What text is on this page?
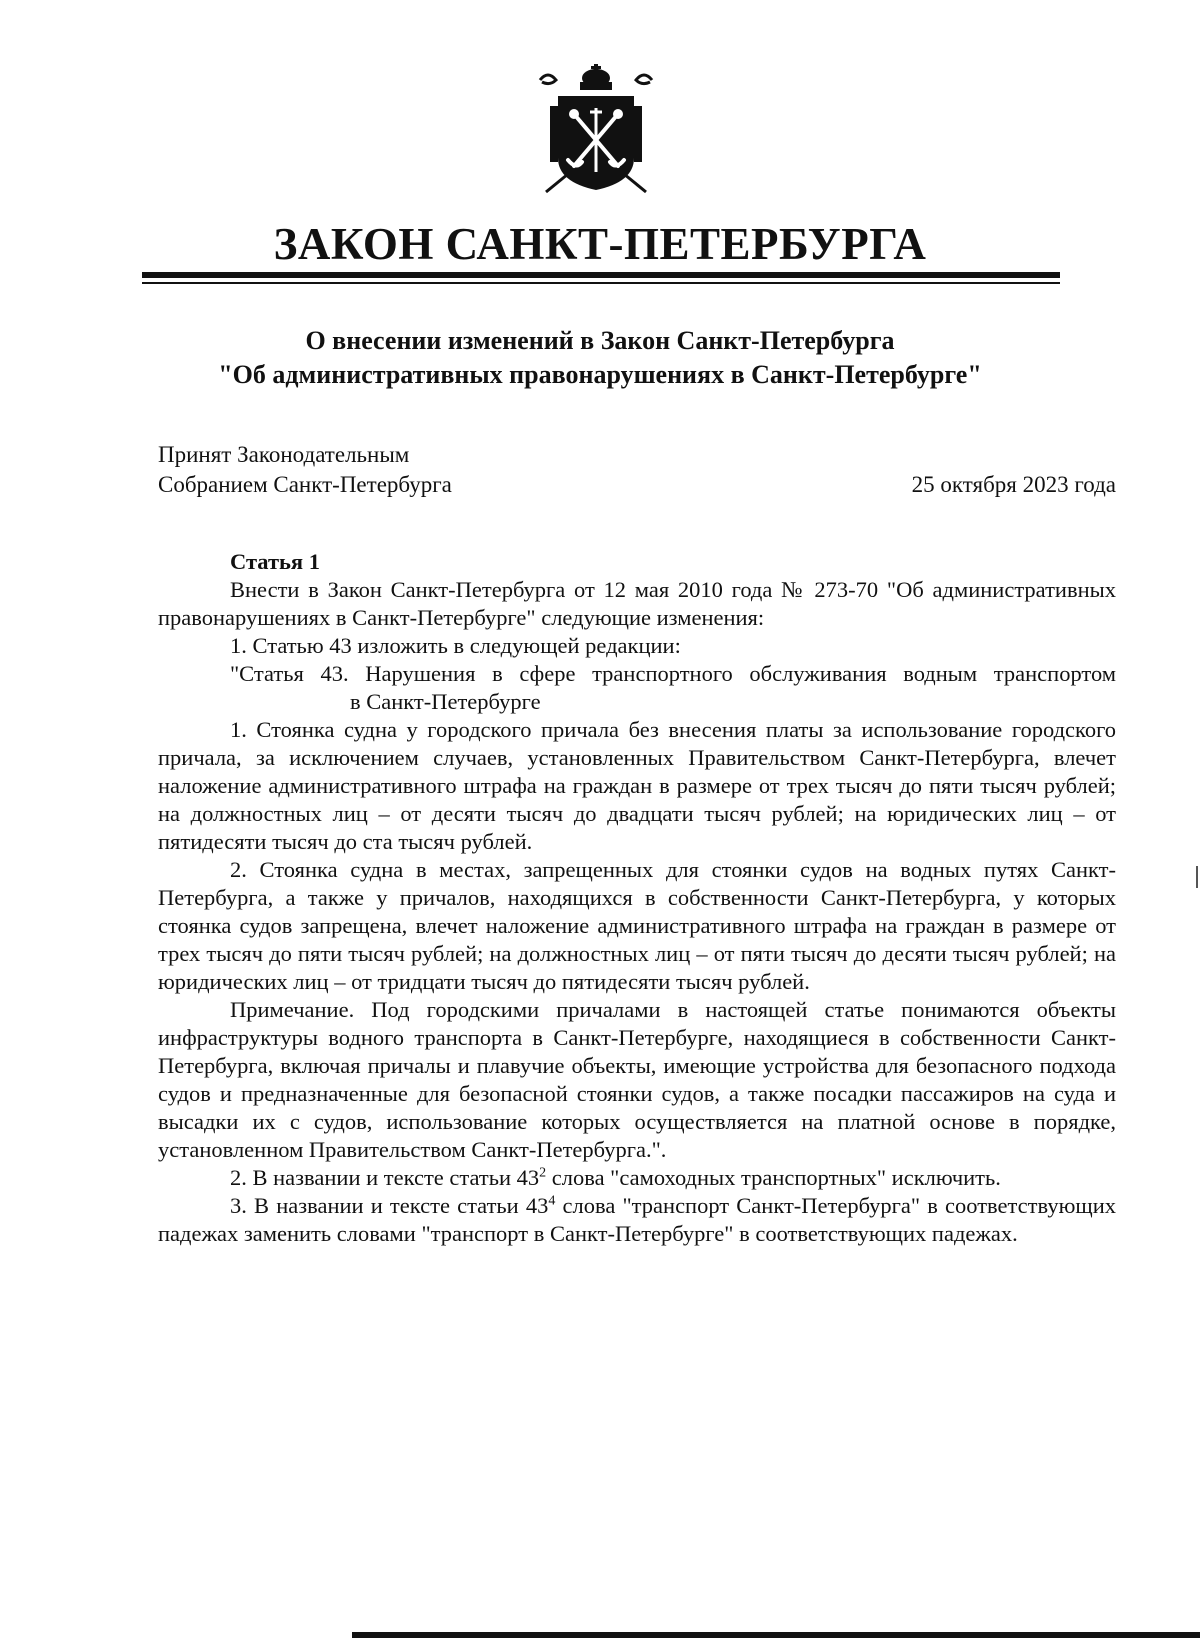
ЗАКОН САНКТ-ПЕТЕРБУРГА
О внесении изменений в Закон Санкт-Петербурга
"Об административных правонарушениях в Санкт-Петербурге"
Принят Законодательным
Собранием Санкт-Петербурга	25 октября 2023 года

Статья 1

Внести в Закон Санкт-Петербурга от 12 мая 2010 года № 273-70 "Об административных правонарушениях в Санкт-Петербурге" следующие изменения:

1. Статью 43 изложить в следующей редакции:

"Статья 43. Нарушения в сфере транспортного обслуживания водным транспортом
в Санкт-Петербурге

1. Стоянка судна у городского причала без внесения платы за использование городского причала, за исключением случаев, установленных Правительством Санкт-Петербурга, влечет наложение административного штрафа на граждан в размере от трех тысяч до пяти тысяч рублей; на должностных лиц – от десяти тысяч до двадцати тысяч рублей; на юридических лиц – от пятидесяти тысяч до ста тысяч рублей.

2. Стоянка судна в местах, запрещенных для стоянки судов на водных путях Санкт-Петербурга, а также у причалов, находящихся в собственности Санкт-Петербурга, у которых стоянка судов запрещена, влечет наложение административного штрафа на граждан в размере от трех тысяч до пяти тысяч рублей; на должностных лиц – от пяти тысяч до десяти тысяч рублей; на юридических лиц – от тридцати тысяч до пятидесяти тысяч рублей.

Примечание. Под городскими причалами в настоящей статье понимаются объекты инфраструктуры водного транспорта в Санкт-Петербурге, находящиеся в собственности Санкт-Петербурга, включая причалы и плавучие объекты, имеющие устройства для безопасного подхода судов и предназначенные для безопасной стоянки судов, а также посадки пассажиров на суда и высадки их с судов, использование которых осуществляется на платной основе в порядке, установленном Правительством Санкт-Петербурга.".

2. В названии и тексте статьи $43^2$ слова "самоходных транспортных" исключить.

3. В названии и тексте статьи $43^4$ слова "транспорт Санкт-Петербурга" в соответствующих падежах заменить словами "транспорт в Санкт-Петербурге" в соответствующих падежах.
